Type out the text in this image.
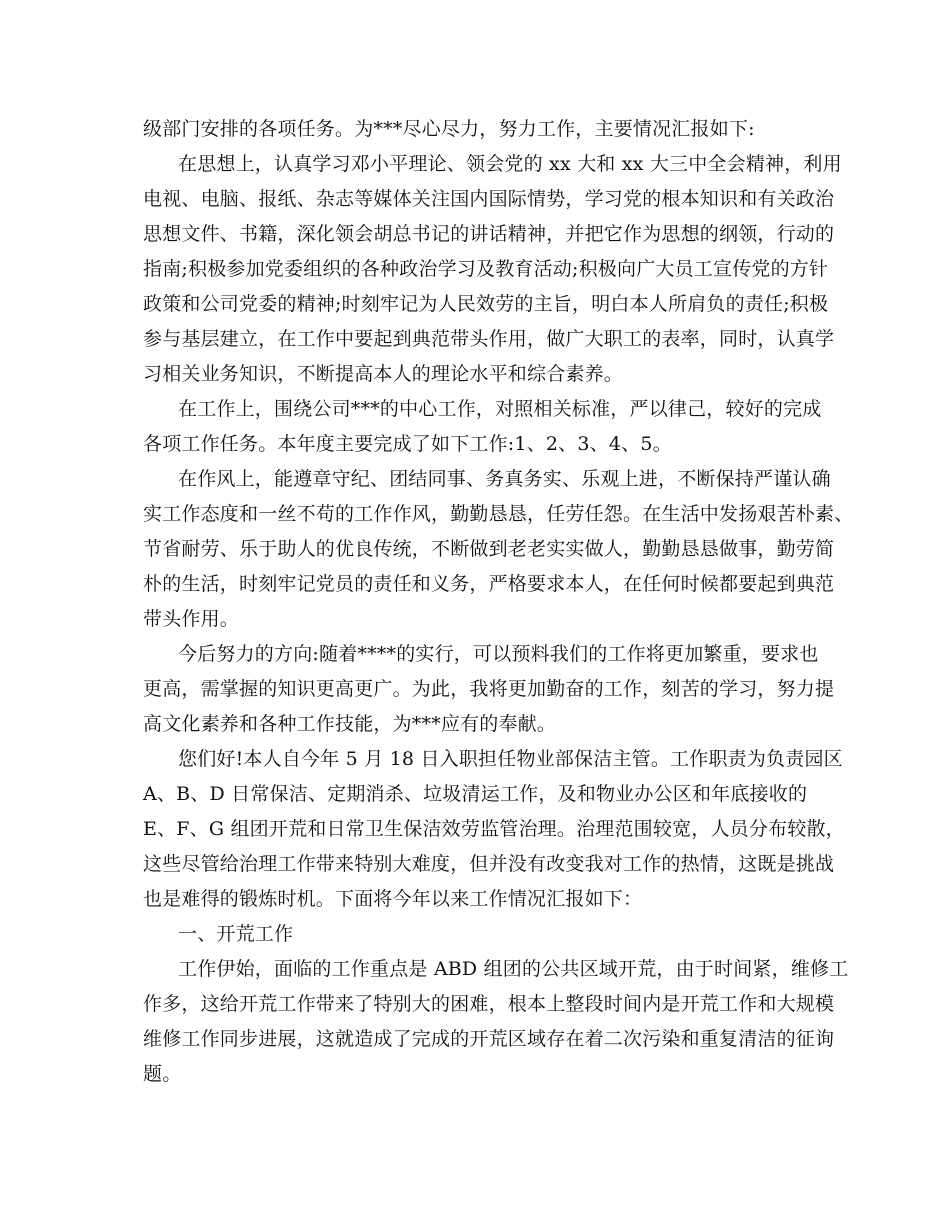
级部门安排的各项任务。为***尽心尽力，努力工作，主要情况汇报如下:
在思想上，认真学习邓小平理论、领会党的 xx 大和 xx 大三中全会精神，利用
电视、电脑、报纸、杂志等媒体关注国内国际情势，学习党的根本知识和有关政治
思想文件、书籍，深化领会胡总书记的讲话精神，并把它作为思想的纲领，行动的
指南;积极参加党委组织的各种政治学习及教育活动;积极向广大员工宣传党的方针
政策和公司党委的精神;时刻牢记为人民效劳的主旨，明白本人所肩负的责任;积极
参与基层建立，在工作中要起到典范带头作用，做广大职工的表率，同时，认真学
习相关业务知识，不断提高本人的理论水平和综合素养。
在工作上，围绕公司***的中心工作，对照相关标准，严以律己，较好的完成
各项工作任务。本年度主要完成了如下工作:1、2、3、4、5。
在作风上，能遵章守纪、团结同事、务真务实、乐观上进，不断保持严谨认确
实工作态度和一丝不苟的工作作风，勤勤恳恳，任劳任怨。在生活中发扬艰苦朴素、
节省耐劳、乐于助人的优良传统，不断做到老老实实做人，勤勤恳恳做事，勤劳简
朴的生活，时刻牢记党员的责任和义务，严格要求本人，在任何时候都要起到典范
带头作用。
今后努力的方向:随着****的实行，可以预料我们的工作将更加繁重，要求也
更高，需掌握的知识更高更广。为此，我将更加勤奋的工作，刻苦的学习，努力提
高文化素养和各种工作技能，为***应有的奉献。
您们好!本人自今年 5 月 18 日入职担任物业部保洁主管。工作职责为负责园区
A、B、D 日常保洁、定期消杀、垃圾清运工作，及和物业办公区和年底接收的
E、F、G 组团开荒和日常卫生保洁效劳监管治理。治理范围较宽，人员分布较散，
这些尽管给治理工作带来特别大难度，但并没有改变我对工作的热情，这既是挑战
也是难得的锻炼时机。下面将今年以来工作情况汇报如下：
一、开荒工作
工作伊始，面临的工作重点是 ABD 组团的公共区域开荒，由于时间紧，维修工
作多，这给开荒工作带来了特别大的困难，根本上整段时间内是开荒工作和大规模
维修工作同步进展，这就造成了完成的开荒区域存在着二次污染和重复清洁的征询
题。
